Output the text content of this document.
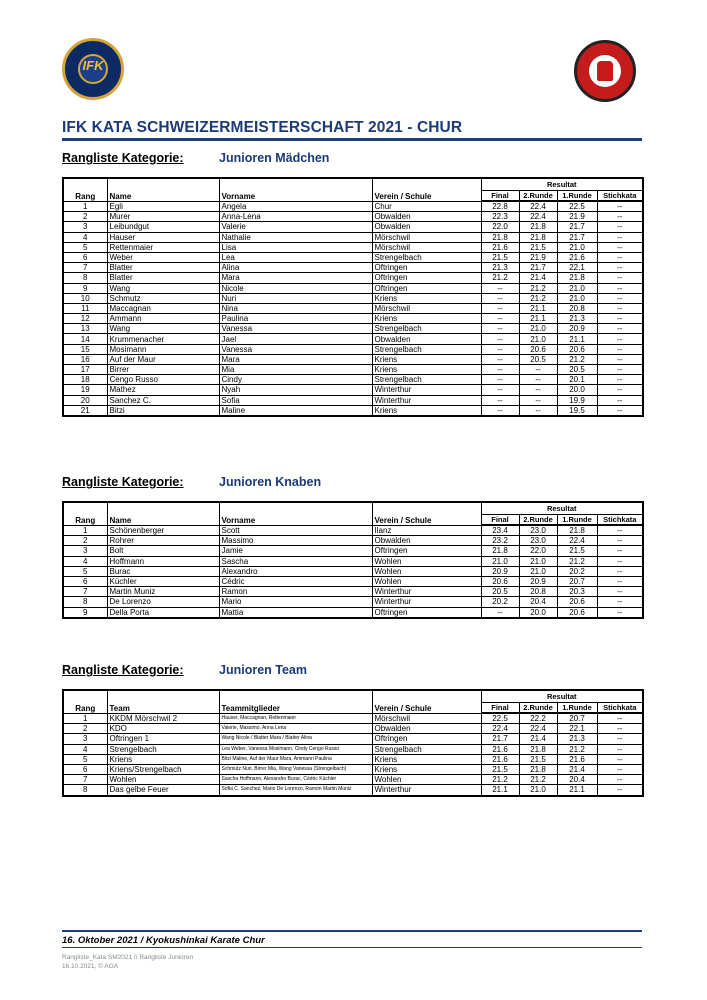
IFK
IFK KATA SCHWEIZERMEISTERSCHAFT 2021 - CHUR
Rangliste Kategorie:	Junioren Mädchen
Rang	Name	Vorname	Verein / Schule	Resultat			
				Final	2.Runde	1.Runde	Stichkata
1	Egli	Angela	Chur	22.8	22.4	22.5	--
2	Murer	Anna-Lena	Obwalden	22.3	22.4	21.9	--
3	Leibundgut	Valerie	Obwalden	22.0	21.8	21.7	--
4	Hauser	Nathalie	Mörschwil	21.8	21.8	21.7	--
5	Rettenmaier	Lisa	Mörschwil	21.6	21.5	21.0	--
6	Weber	Lea	Strengelbach	21.5	21.9	21.6	--
7	Blatter	Alina	Oftringen	21.3	21.7	22.1	--
8	Blatter	Mara	Oftringen	21.2	21.4	21.8	--
9	Wang	Nicole	Oftringen	--	21.2	21.0	--
10	Schmutz	Nuri	Kriens	--	21.2	21.0	--
11	Maccagnan	Nina	Mörschwil	--	21.1	20.8	--
12	Ammann	Paulina	Kriens	--	21.1	21.3	--
13	Wang	Vanessa	Strengelbach	--	21.0	20.9	--
14	Krummenacher	Jael	Obwalden	--	21.0	21.1	--
15	Mosimann	Vanessa	Strengelbach	--	20.6	20.6	--
16	Auf der Maur	Mara	Kriens	--	20.5	21.2	--
17	Birrer	Mia	Kriens	--	--	20.5	--
18	Cengo Russo	Cindy	Strengelbach	--	--	20.1	--
19	Mathez	Nyah	Winterthur	--	--	20.0	--
20	Sanchez C.	Sofia	Winterthur	--	--	19.9	--
21	Bitzi	Maline	Kriens	--	--	19.5	--
Rangliste Kategorie:	Junioren Knaben
Rang	Name	Vorname	Verein / Schule	Resultat			
				Final	2.Runde	1.Runde	Stichkata
1	Schönenberger	Scott	Ilanz	23.4	23.0	21.8	--
2	Rohrer	Massimo	Obwalden	23.2	23.0	22.4	--
3	Bolt	Jamie	Oftringen	21.8	22.0	21.5	--
4	Hoffmann	Sascha	Wohlen	21.0	21.0	21.2	--
5	Burac	Alexandro	Wohlen	20.9	21.0	20.2	--
6	Küchler	Cédric	Wohlen	20.6	20.9	20.7	--
7	Martin Muniz	Ramon	Winterthur	20.5	20.8	20.3	--
8	De Lorenzo	Mario	Winterthur	20.2	20.4	20.6	--
9	Della Porta	Mattia	Oftringen	--	20.0	20.6	--
Rangliste Kategorie:	Junioren Team
Rang	Team	Teammitglieder	Verein / Schule	Resultat			
				Final	2.Runde	1.Runde	Stichkata
1	KKDM Mörschwil 2	Hauser, Maccagnan, Rettenmaier	Mörschwil	22.5	22.2	20.7	--
2	KDO	Valerie, Massimo, Anna Lena	Obwalden	22.4	22.4	22.1	--
3	Oftringen 1	Wang Nicole / Blatter Mara / Blatter Alina	Oftringen	21.7	21.4	21.3	--
4	Strengelbach	Lea Weber, Vanessa Mosimann, Cindy Cengo Russo	Strengelbach	21.6	21.8	21.2	--
5	Kriens	Bitzi Maline, Auf der Maur Mara, Ammann Paulina	Kriens	21.6	21.5	21.6	--
6	Kriens/Strengelbach	Schmutz Nuri, Birrer Mia, Wang Vanessa (Strengelbach)	Kriens	21.5	21.8	21.4	--
7	Wohlen	Sascha Hoffmann, Alexandro Burac, Cédric Küchler	Wohlen	21.2	21.2	20.4	--
8	Das gelbe Feuer	Sofia C. Sanchez, Mario De Lorenzo, Ramón Martin Muniz	Winterthur	21.1	21.0	21.1	--
16. Oktober 2021 / Kyokushinkai Karate Chur
Rangliste_Kata SM2021 // Rangliste Junioren
16.10.2021, © AGA
